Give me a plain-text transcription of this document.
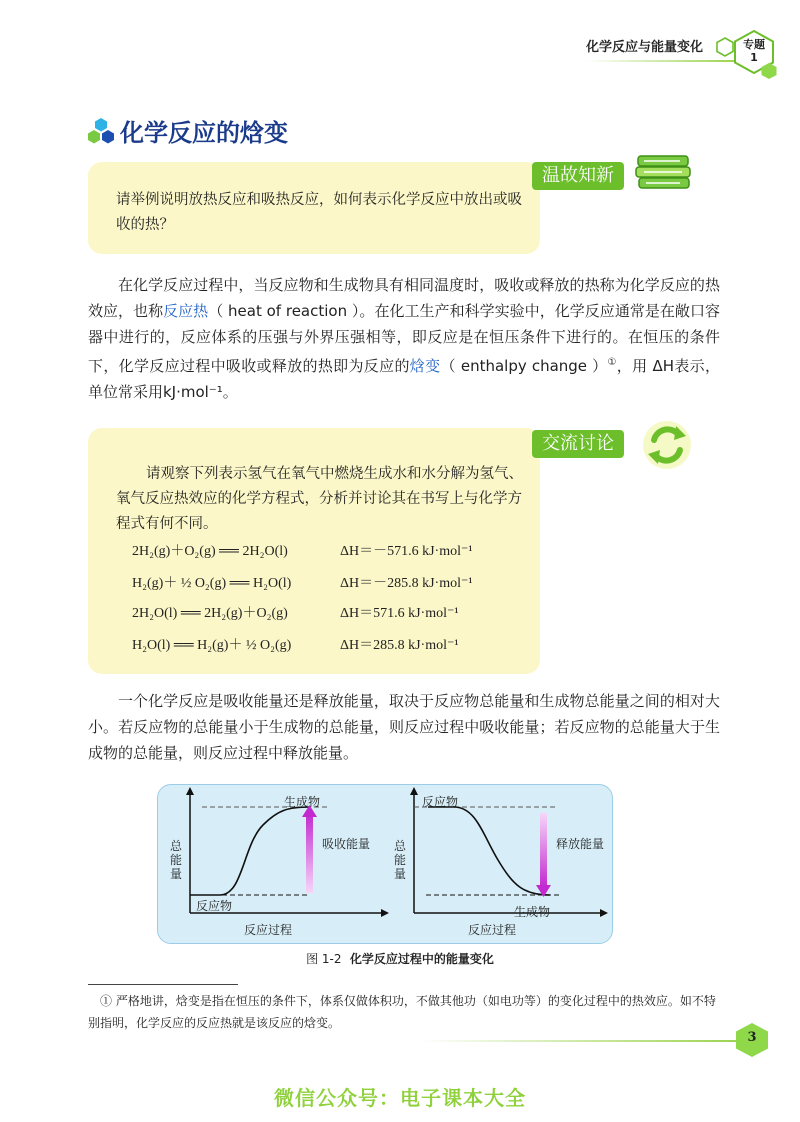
化学反应与能量变化	专题
1
化学反应的焓变
请举例说明放热反应和吸热反应，如何表示化学反应中放出或吸收的热？
温故知新
在化学反应过程中，当反应物和生成物具有相同温度时，吸收或释放的热称为化学反应的热效应，也称反应热（ heat of reaction ）。在化工生产和科学实验中，化学反应通常是在敞口容器中进行的，反应体系的压强与外界压强相等，即反应是在恒压条件下进行的。在恒压的条件下，化学反应过程中吸收或释放的热即为反应的焓变（ enthalpy change ）①，用 ΔH表示，单位常采用kJ·mol⁻¹。
请观察下列表示氢气在氧气中燃烧生成水和水分解为氢气、氧气反应热效应的化学方程式，分析并讨论其在书写上与化学方程式有何不同。
2H₂(g)＋O₂(g) ══ 2H₂O(l)	ΔH＝－571.6 kJ·mol⁻¹
H₂(g)＋ ½ O₂(g) ══ H₂O(l)	ΔH＝－285.8 kJ·mol⁻¹
2H₂O(l) ══ 2H₂(g)＋O₂(g)	ΔH＝571.6 kJ·mol⁻¹
H₂O(l) ══ H₂(g)＋ ½ O₂(g)	ΔH＝285.8 kJ·mol⁻¹
交流讨论
一个化学反应是吸收能量还是释放能量，取决于反应物总能量和生成物总能量之间的相对大小。若反应物的总能量小于生成物的总能量，则反应过程中吸收能量；若反应物的总能量大于生成物的总能量，则反应过程中释放能量。
总能量
生成物
反应物
吸收能量
反应过程
总能量
反应物
生成物
释放能量
反应过程
图 1-2 化学反应过程中的能量变化
① 严格地讲，焓变是指在恒压的条件下，体系仅做体积功，不做其他功（如电功等）的变化过程中的热效应。如不特别指明，化学反应的反应热就是该反应的焓变。
3
微信公众号：电子课本大全
